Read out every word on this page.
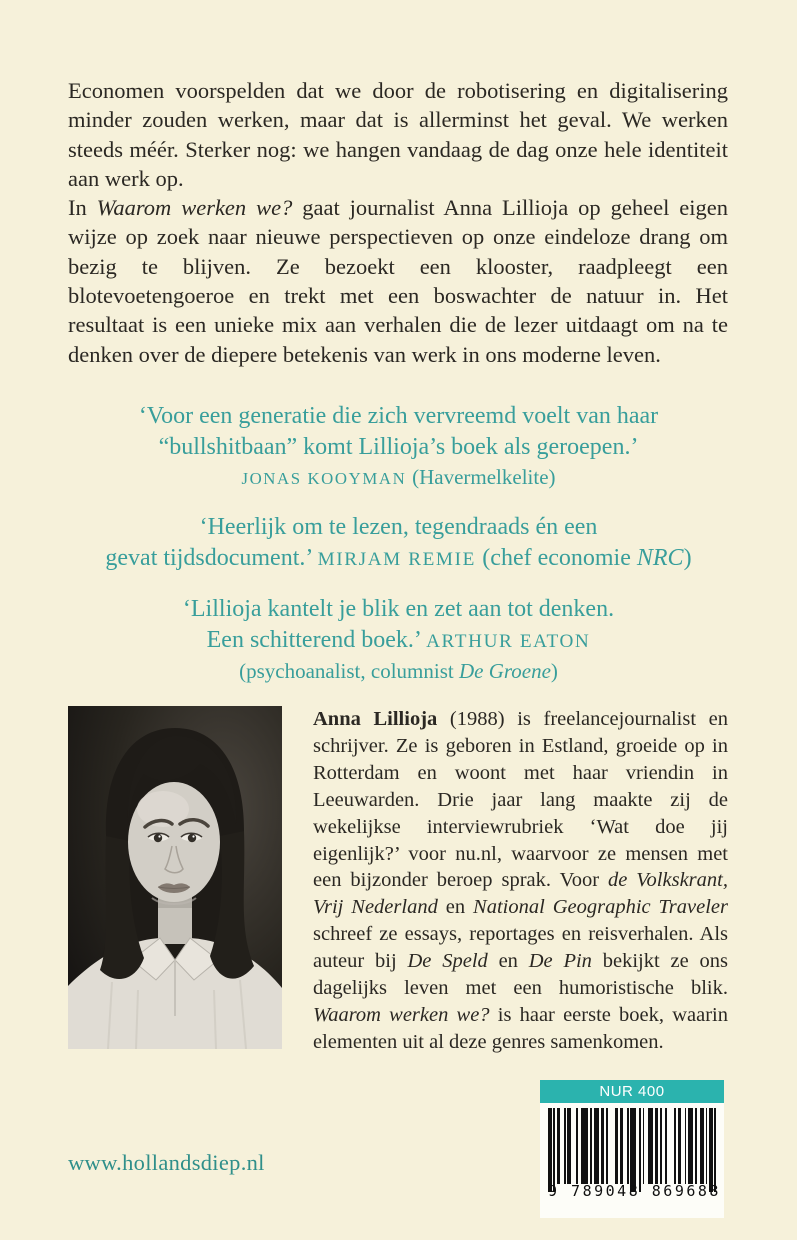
Economen voorspelden dat we door de robotisering en digitalisering minder zouden werken, maar dat is allerminst het geval. We werken steeds méér. Sterker nog: we hangen vandaag de dag onze hele identiteit aan werk op.

In Waarom werken we? gaat journalist Anna Lillioja op geheel eigen wijze op zoek naar nieuwe perspectieven op onze eindeloze drang om bezig te blijven. Ze bezoekt een klooster, raadpleegt een blotevoetengoeroe en trekt met een boswachter de natuur in. Het resultaat is een unieke mix aan verhalen die de lezer uitdaagt om na te denken over de diepere betekenis van werk in ons moderne leven.

‘Voor een generatie die zich vervreemd voelt van haar
“bullshitbaan” komt Lillioja’s boek als geroepen.’
JONAS KOOYMAN (Havermelkelite)
‘Heerlijk om te lezen, tegendraads én een
gevat tijdsdocument.’ MIRJAM REMIE (chef economie NRC)
‘Lillioja kantelt je blik en zet aan tot denken.
Een schitterend boek.’ ARTHUR EATON
(psychoanalist, columnist De Groene)

Anna Lillioja (1988) is freelancejournalist en schrijver. Ze is geboren in Estland, groeide op in Rotterdam en woont met haar vriendin in Leeuwarden. Drie jaar lang maakte zij de wekelijkse interviewrubriek ‘Wat doe jij eigenlijk?’ voor nu.nl, waarvoor ze mensen met een bijzonder beroep sprak. Voor de Volkskrant, Vrij Nederland en National Geographic Traveler schreef ze essays, reportages en reisverhalen. Als auteur bij De Speld en De Pin bekijkt ze ons dagelijks leven met een humoristische blik. Waarom werken we? is haar eerste boek, waarin elementen uit al deze genres samenkomen.

NUR 400
9 789048 869688
www.hollandsdiep.nl
